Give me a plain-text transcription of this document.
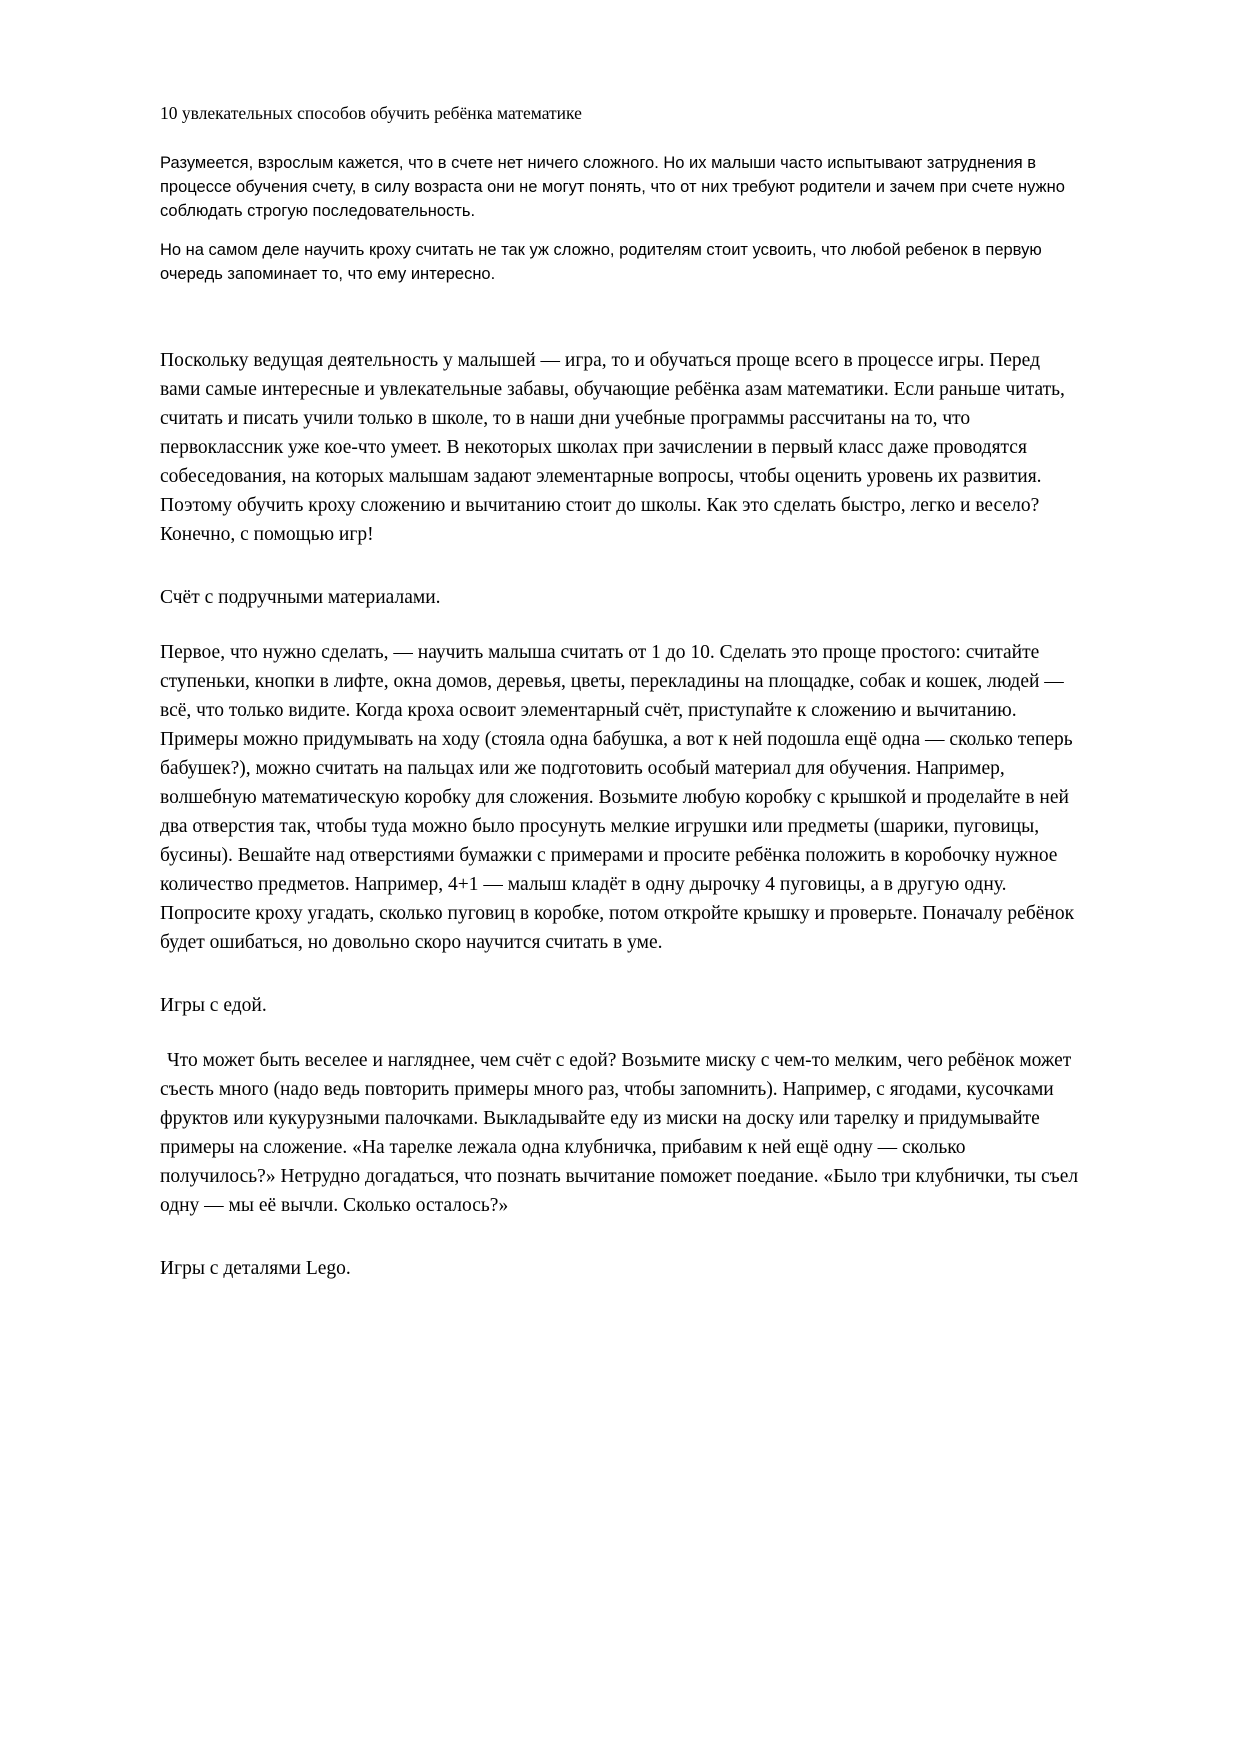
10 увлекательных способов обучить ребёнка математике

Разумеется, взрослым кажется, что в счете нет ничего сложного. Но их малыши часто испытывают затруднения в процессе обучения счету, в силу возраста они не могут понять, что от них требуют родители и зачем при счете нужно соблюдать строгую последовательность.

Но на самом деле научить кроху считать не так уж сложно, родителям стоит усвоить, что любой ребенок в первую очередь запоминает то, что ему интересно.

Поскольку ведущая деятельность у малышей — игра, то и обучаться проще всего в процессе игры. Перед вами самые интересные и увлекательные забавы, обучающие ребёнка азам математики. Если раньше читать, считать и писать учили только в школе, то в наши дни учебные программы рассчитаны на то, что первоклассник уже кое-что умеет. В некоторых школах при зачислении в первый класс даже проводятся собеседования, на которых малышам задают элементарные вопросы, чтобы оценить уровень их развития. Поэтому обучить кроху сложению и вычитанию стоит до школы. Как это сделать быстро, легко и весело? Конечно, с помощью игр!

Счёт с подручными материалами.

Первое, что нужно сделать, — научить малыша считать от 1 до 10. Сделать это проще простого: считайте ступеньки, кнопки в лифте, окна домов, деревья, цветы, перекладины на площадке, собак и кошек, людей — всё, что только видите. Когда кроха освоит элементарный счёт, приступайте к сложению и вычитанию. Примеры можно придумывать на ходу (стояла одна бабушка, а вот к ней подошла ещё одна — сколько теперь бабушек?), можно считать на пальцах или же подготовить особый материал для обучения. Например, волшебную математическую коробку для сложения. Возьмите любую коробку с крышкой и проделайте в ней два отверстия так, чтобы туда можно было просунуть мелкие игрушки или предметы (шарики, пуговицы, бусины). Вешайте над отверстиями бумажки с примерами и просите ребёнка положить в коробочку нужное количество предметов. Например, 4+1 — малыш кладёт в одну дырочку 4 пуговицы, а в другую одну. Попросите кроху угадать, сколько пуговиц в коробке, потом откройте крышку и проверьте. Поначалу ребёнок будет ошибаться, но довольно скоро научится считать в уме.

Игры с едой.

Что может быть веселее и нагляднее, чем счёт с едой? Возьмите миску с чем-то мелким, чего ребёнок может съесть много (надо ведь повторить примеры много раз, чтобы запомнить). Например, с ягодами, кусочками фруктов или кукурузными палочками. Выкладывайте еду из миски на доску или тарелку и придумывайте примеры на сложение. «На тарелке лежала одна клубничка, прибавим к ней ещё одну — сколько получилось?» Нетрудно догадаться, что познать вычитание поможет поедание. «Было три клубнички, ты съел одну — мы её вычли. Сколько осталось?»

Игры с деталями Lego.
